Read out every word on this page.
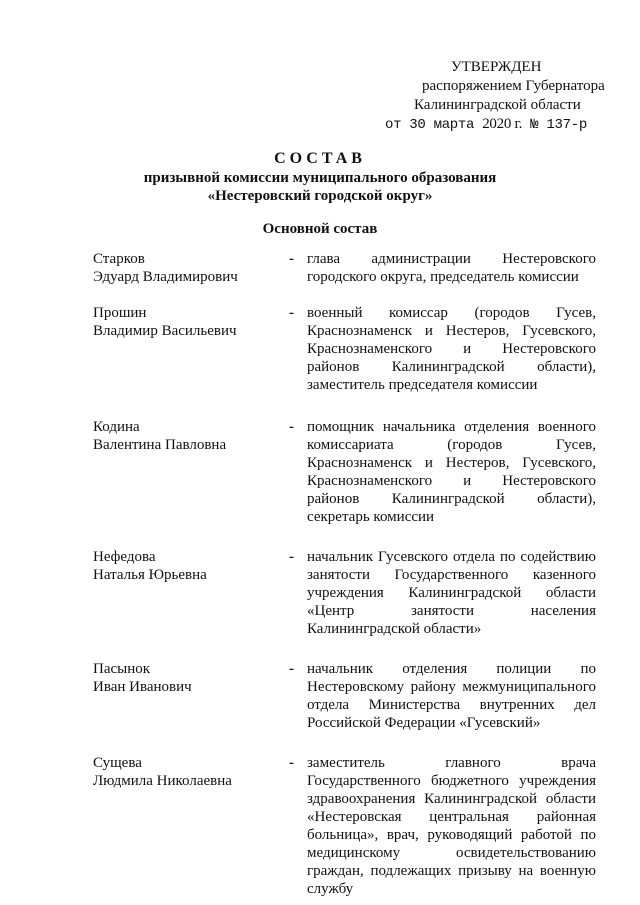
УТВЕРЖДЕН
распоряжением Губернатора
Калининградской области
от 30 марта 2020 г. № 137-р
СОСТАВ
призывной комиссии муниципального образования
«Нестеровский городской округ»
Основной состав
Старков
Эдуард Владимирович
- глава администрации Нестеровского городского округа, председатель комиссии
Прошин
Владимир Васильевич
- военный комиссар (городов Гусев, Краснознаменск и Нестеров, Гусевского, Краснознаменского и Нестеровского районов Калининградской области), заместитель председателя комиссии
Кодина
Валентина Павловна
- помощник начальника отделения военного комиссариата (городов Гусев, Краснознаменск и Нестеров, Гусевского, Краснознаменского и Нестеровского районов Калининградской области), секретарь комиссии
Нефедова
Наталья Юрьевна
- начальник Гусевского отдела по содействию занятости Государственного казенного учреждения Калининградской области «Центр занятости населения Калининградской области»
Пасынок
Иван Иванович
- начальник отделения полиции по Нестеровскому району межмуниципального отдела Министерства внутренних дел Российской Федерации «Гусевский»
Сущева
Людмила Николаевна
- заместитель главного врача Государственного бюджетного учреждения здравоохранения Калининградской области «Нестеровская центральная районная больница», врач, руководящий работой по медицинскому освидетельствованию граждан, подлежащих призыву на военную службу
